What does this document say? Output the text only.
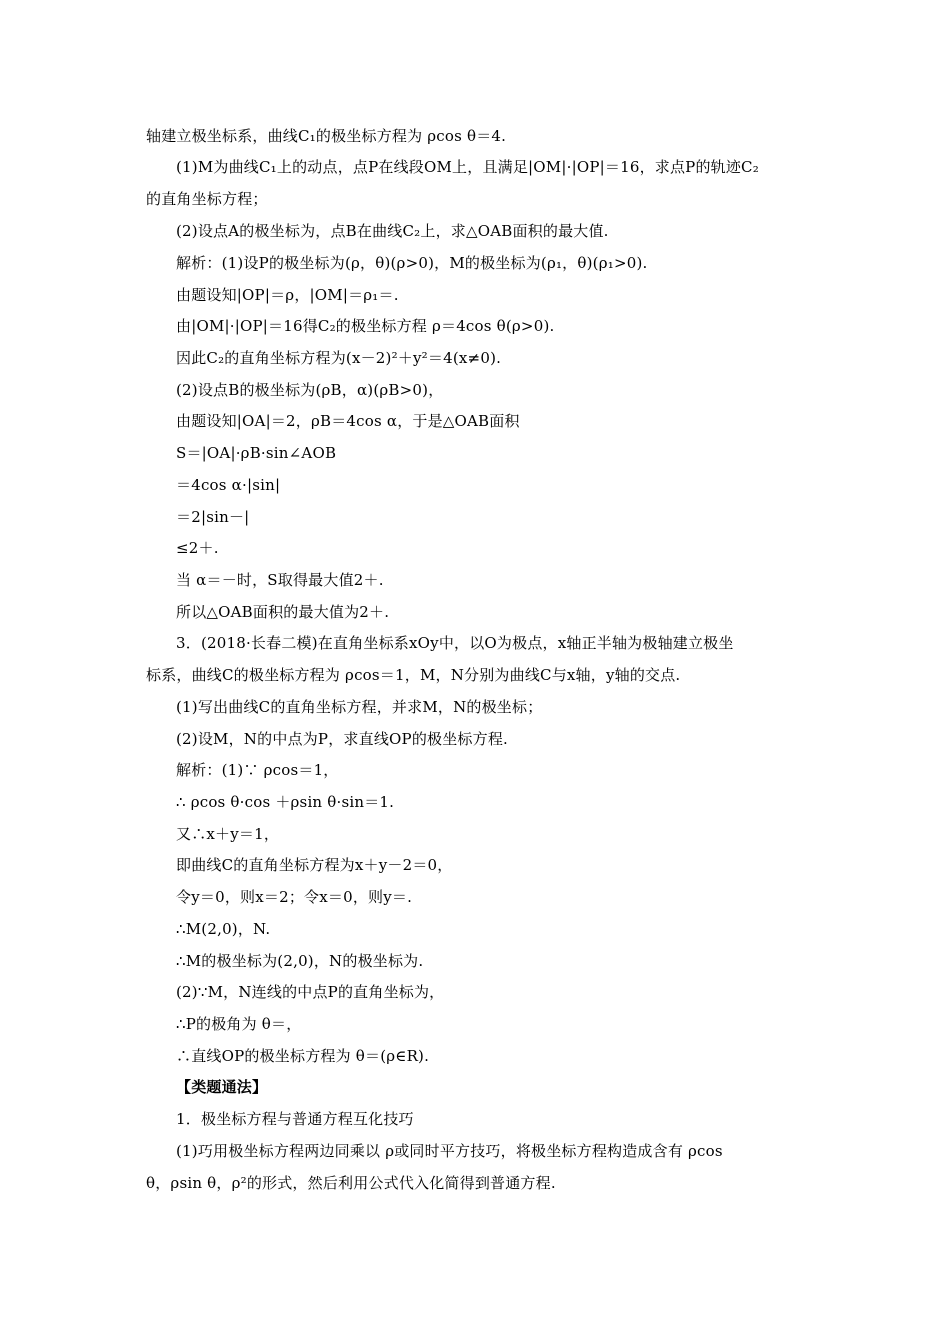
轴建立极坐标系，曲线C₁的极坐标方程为 ρcos θ＝4.
(1)M为曲线C₁上的动点，点P在线段OM上，且满足|OM|·|OP|＝16，求点P的轨迹C₂
的直角坐标方程；
(2)设点A的极坐标为，点B在曲线C₂上，求△OAB面积的最大值.
解析：(1)设P的极坐标为(ρ，θ)(ρ>0)，M的极坐标为(ρ₁，θ)(ρ₁>0).
由题设知|OP|＝ρ，|OM|＝ρ₁＝.
由|OM|·|OP|＝16得C₂的极坐标方程 ρ＝4cos θ(ρ>0).
因此C₂的直角坐标方程为(x－2)²＋y²＝4(x≠0).
(2)设点B的极坐标为(ρB，α)(ρB>0)，
由题设知|OA|＝2，ρB＝4cos α，于是△OAB面积
S＝|OA|·ρB·sin∠AOB
＝4cos α·|sin|
＝2|sin－|
≤2＋.
当 α＝－时，S取得最大值2＋.
所以△OAB面积的最大值为2＋.
3．(2018·长春二模)在直角坐标系xOy中，以O为极点，x轴正半轴为极轴建立极坐
标系，曲线C的极坐标方程为 ρcos＝1，M，N分别为曲线C与x轴，y轴的交点.
(1)写出曲线C的直角坐标方程，并求M，N的极坐标；
(2)设M，N的中点为P，求直线OP的极坐标方程.
解析：(1)∵ ρcos＝1，
∴ ρcos θ·cos ＋ρsin θ·sin＝1.
又∴x＋y＝1，
即曲线C的直角坐标方程为x＋y－2＝0，
令y＝0，则x＝2；令x＝0，则y＝.
∴M(2,0)，N.
∴M的极坐标为(2,0)，N的极坐标为.
(2)∵M，N连线的中点P的直角坐标为，
∴P的极角为 θ＝，
∴直线OP的极坐标方程为 θ＝(ρ∈R).
【类题通法】
1．极坐标方程与普通方程互化技巧
(1)巧用极坐标方程两边同乘以 ρ或同时平方技巧，将极坐标方程构造成含有 ρcos
θ，ρsin θ，ρ²的形式，然后利用公式代入化简得到普通方程.
